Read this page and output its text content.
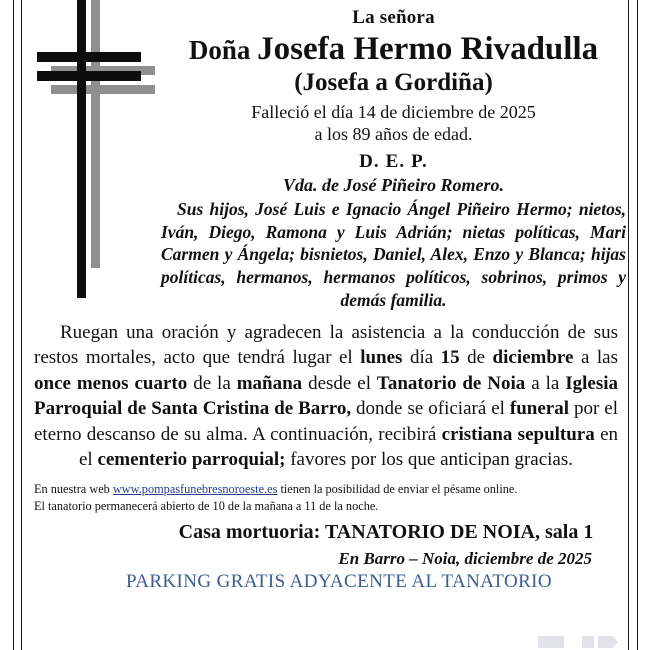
La señora

Doña Josefa Hermo Rivadulla

(Josefa a Gordiña)

Falleció el día 14 de diciembre de 2025

a los 89 años de edad.

D. E. P.

Vda. de José Piñeiro Romero.

Sus hijos, José Luis e Ignacio Ángel Piñeiro Hermo; nietos, Iván, Diego, Ramona y Luis Adrián; nietas políticas, Mari Carmen y Ángela; bisnietos, Daniel, Alex, Enzo y Blanca; hijas políticas, hermanos, hermanos políticos, sobrinos, primos y demás familia.

Ruegan una oración y agradecen la asistencia a la conducción de sus restos mortales, acto que tendrá lugar el lunes día 15 de diciembre a las once menos cuarto de la mañana desde el Tanatorio de Noia a la Iglesia Parroquial de Santa Cristina de Barro, donde se oficiará el funeral por el eterno descanso de su alma. A continuación, recibirá cristiana sepultura en el cementerio parroquial; favores por los que anticipan gracias.

En nuestra web www.pompasfunebresnoroeste.es tienen la posibilidad de enviar el pésame online.
El tanatorio permanecerá abierto de 10 de la mañana a 11 de la noche.

Casa mortuoria: TANATORIO DE NOIA, sala 1

En Barro – Noia, diciembre de 2025

PARKING GRATIS ADYACENTE AL TANATORIO
